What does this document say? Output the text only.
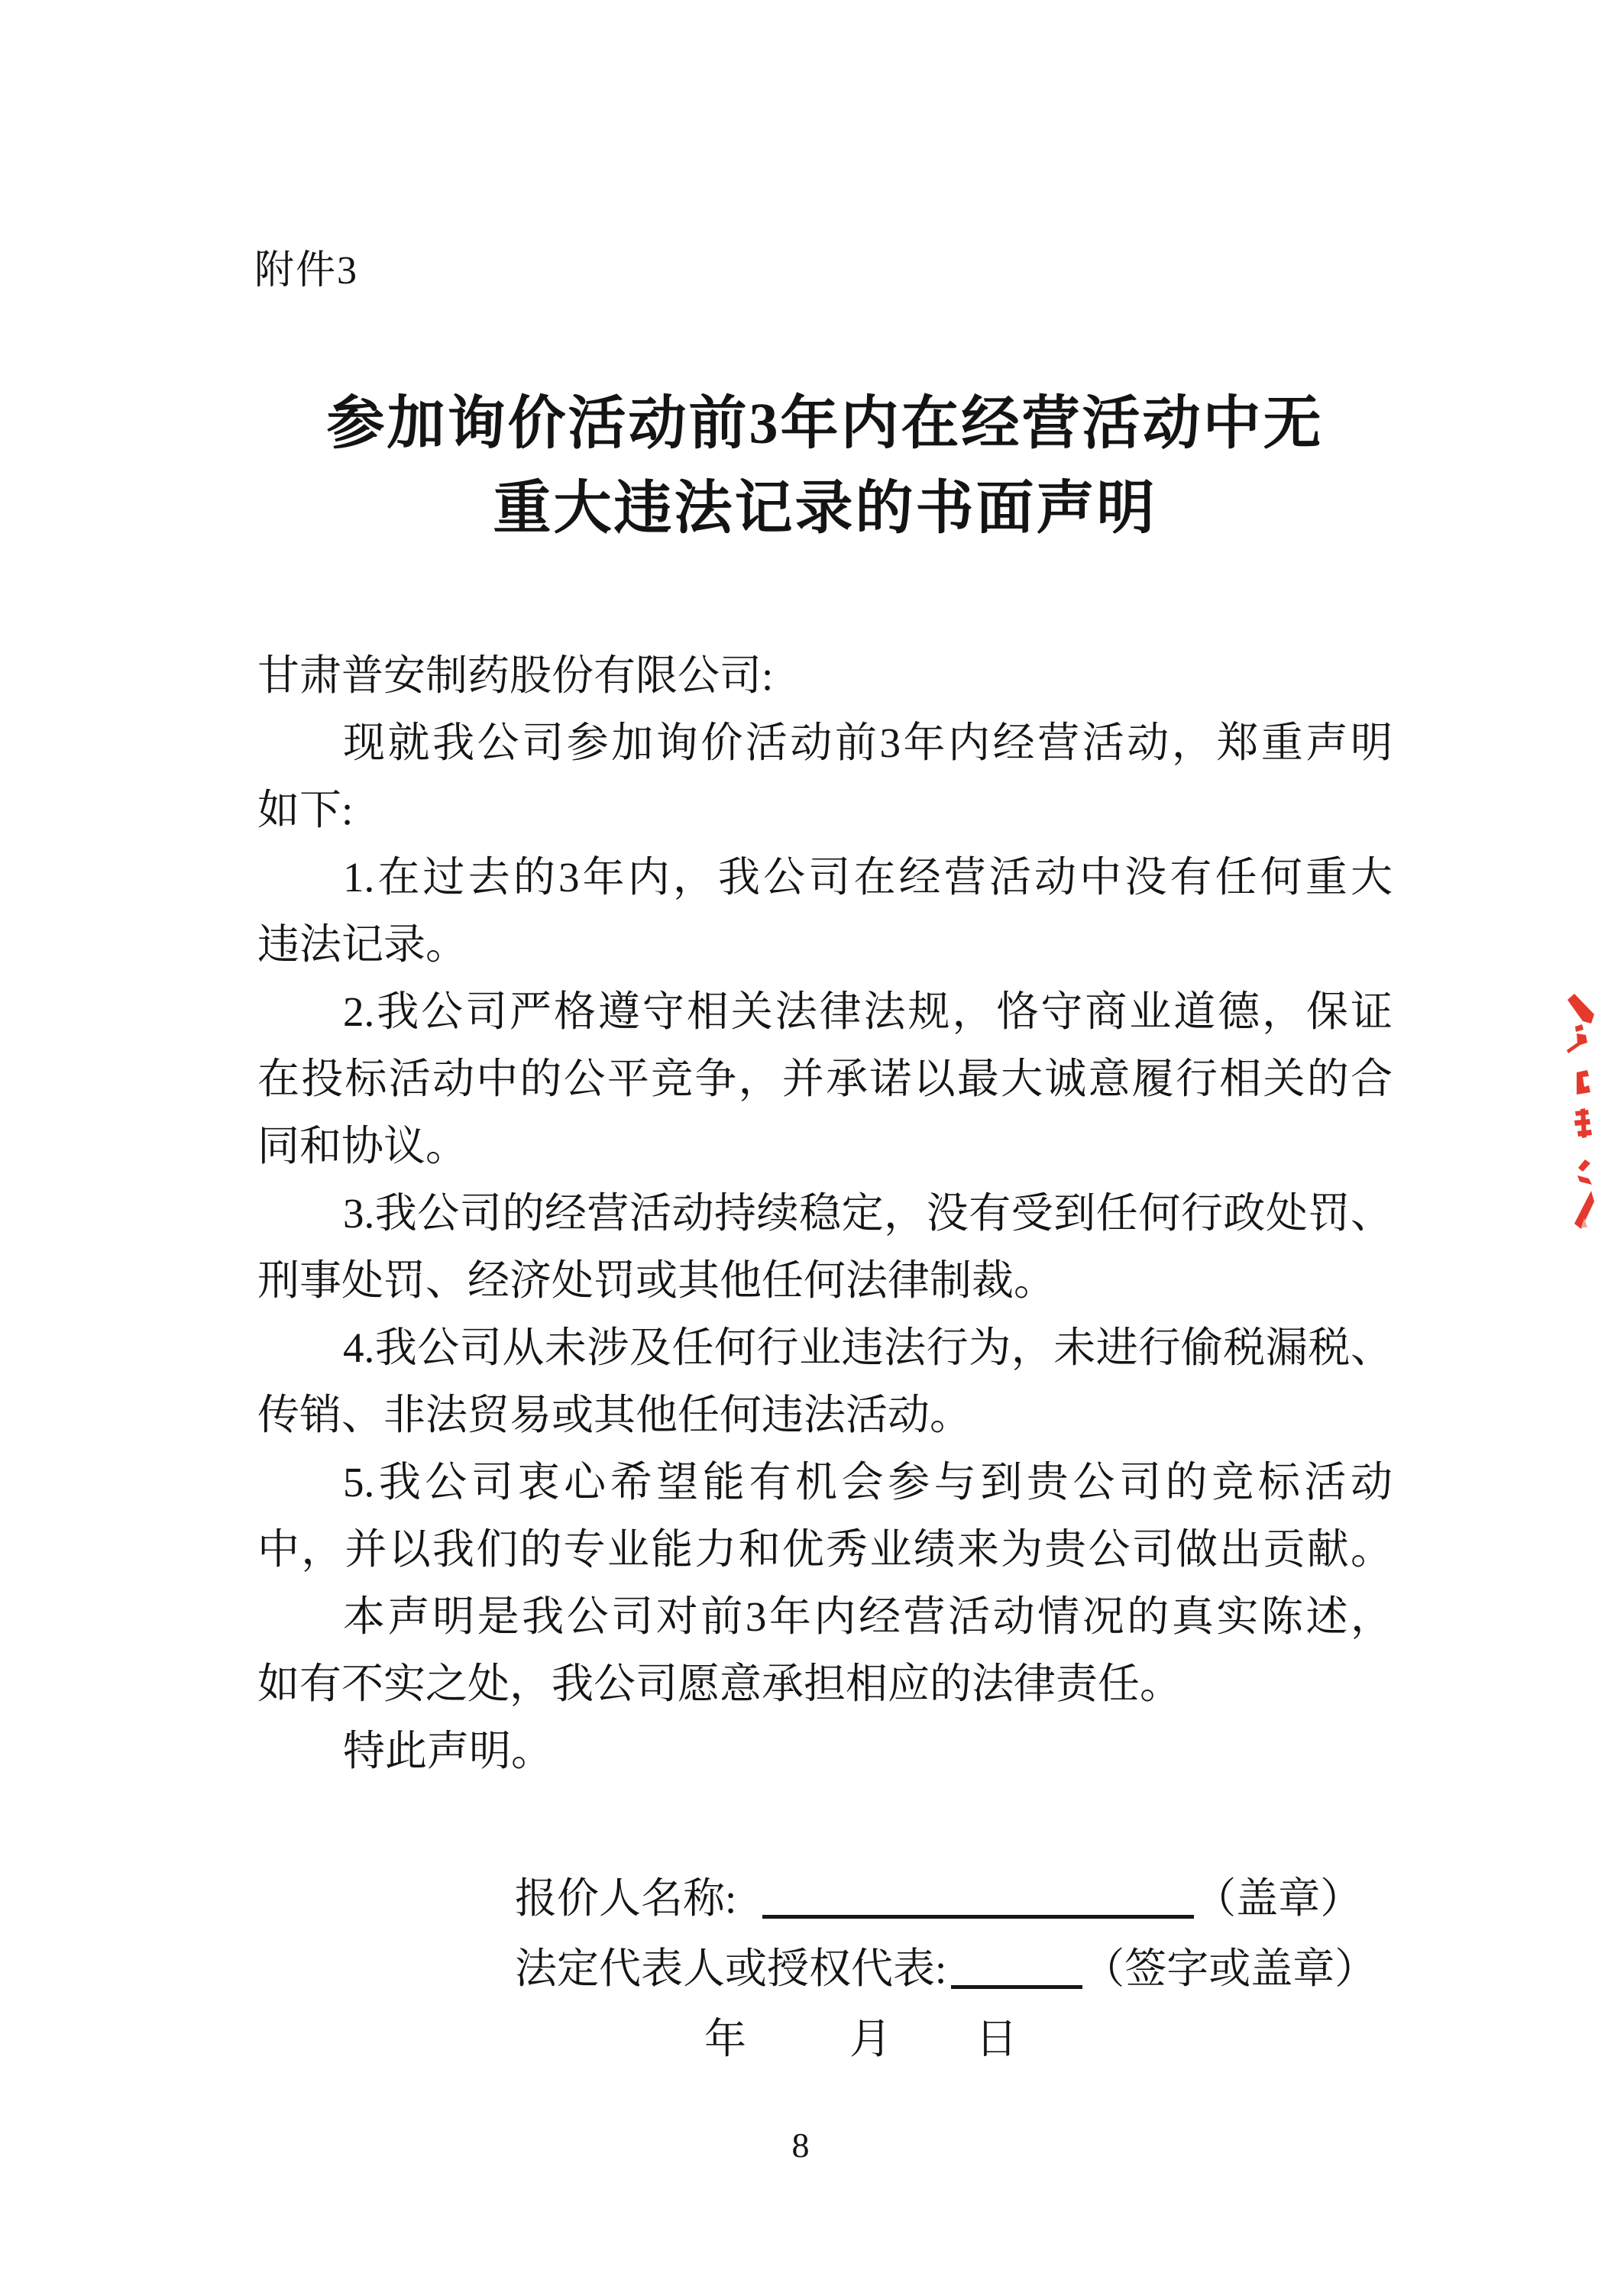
附件3
参加询价活动前3年内在经营活动中无
重大违法记录的书面声明
甘肃普安制药股份有限公司:
现就我公司参加询价活动前3年内经营活动，郑重声明
如下:
1.在过去的3年内，我公司在经营活动中没有任何重大
违法记录。
2.我公司严格遵守相关法律法规，恪守商业道德，保证
在投标活动中的公平竞争，并承诺以最大诚意履行相关的合
同和协议。
3.我公司的经营活动持续稳定，没有受到任何行政处罚、
刑事处罚、经济处罚或其他任何法律制裁。
4.我公司从未涉及任何行业违法行为，未进行偷税漏税、
传销、非法贸易或其他任何违法活动。
5.我公司衷心希望能有机会参与到贵公司的竞标活动
中，并以我们的专业能力和优秀业绩来为贵公司做出贡献。
本声明是我公司对前3年内经营活动情况的真实陈述，
如有不实之处，我公司愿意承担相应的法律责任。
特此声明。
报价人名称:	（盖章）
法定代表人或授权代表:	（签字或盖章）
年 月 日
8
